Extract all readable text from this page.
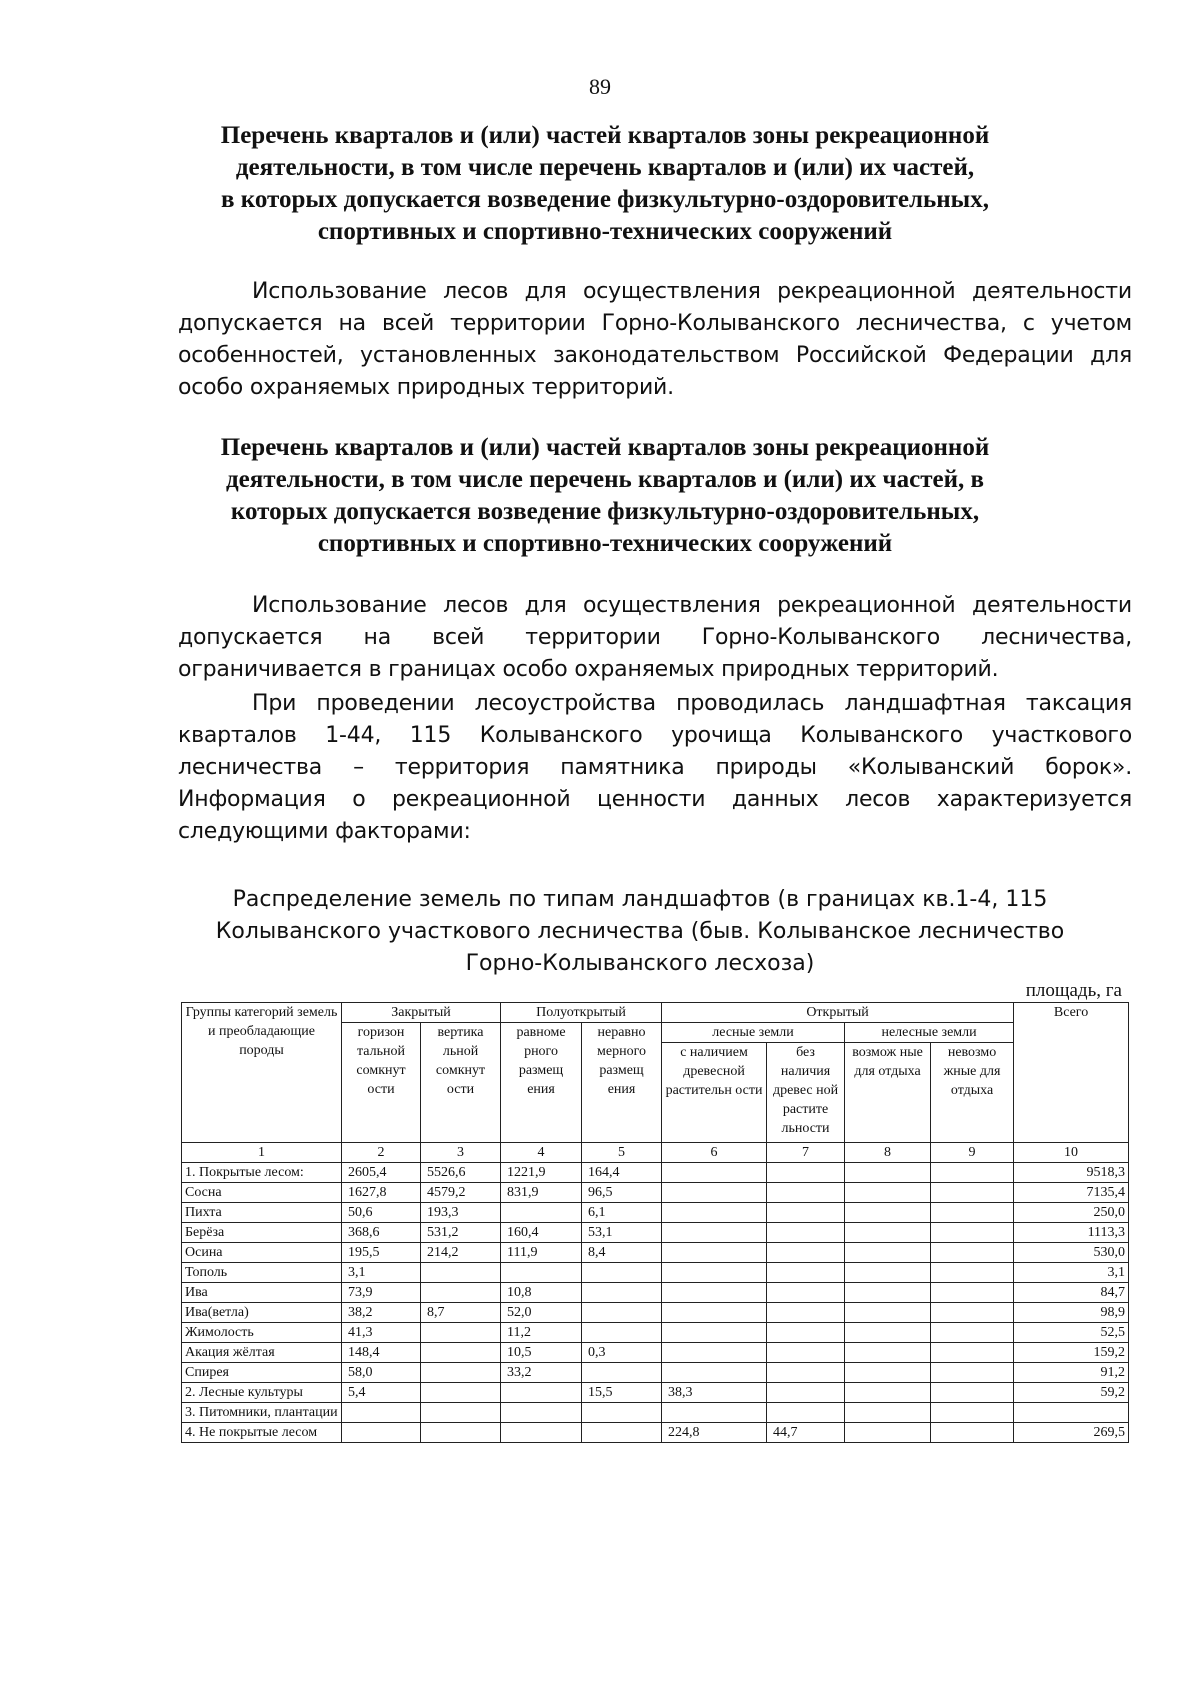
89
Перечень кварталов и (или) частей кварталов зоны рекреационной
деятельности, в том числе перечень кварталов и (или) их частей,
в которых допускается возведение физкультурно-оздоровительных,
спортивных и спортивно-технических сооружений
Использование лесов для осуществления рекреационной деятельности допускается на всей территории Горно-Колыванского лесничества, с учетом особенностей, установленных законодательством Российской Федерации для особо охраняемых природных территорий.
Перечень кварталов и (или) частей кварталов зоны рекреационной
деятельности, в том числе перечень кварталов и (или) их частей, в
которых допускается возведение физкультурно-оздоровительных,
спортивных и спортивно-технических сооружений
Использование лесов для осуществления рекреационной деятельности допускается на всей территории Горно-Колыванского лесничества, ограничивается в границах особо охраняемых природных территорий.
При проведении лесоустройства проводилась ландшафтная таксация кварталов 1-44, 115 Колыванского урочища Колыванского участкового лесничества – территория памятника природы «Колыванский борок». Информация о рекреационной ценности данных лесов характеризуется следующими факторами:
Распределение земель по типам ландшафтов (в границах кв.1-4, 115
Колыванского участкового лесничества (быв. Колыванское лесничество
Горно-Колыванского лесхоза)
площадь, га
Группы категорий земель и преобладающие породы	Закрытый		Полуоткрытый		Открытый				Всего
	горизон тальной сомкнут ости	вертика льной сомкнут ости	равноме рного размещ ения	неравно мерного размещ ения	лесные земли		нелесные земли		
					с наличием древесной растительн ости	без наличия древес ной растите льности	возмож ные для отдыха	невозмо жные для отдыха	
1	2	3	4	5	6	7	8	9	10
1. Покрытые лесом:	2605,4	5526,6	1221,9	164,4					9518,3
Сосна	1627,8	4579,2	831,9	96,5					7135,4
Пихта	50,6	193,3		6,1					250,0
Берёза	368,6	531,2	160,4	53,1					1113,3
Осина	195,5	214,2	111,9	8,4					530,0
Тополь	3,1								3,1
Ива	73,9		10,8						84,7
Ива(ветла)	38,2	8,7	52,0						98,9
Жимолость	41,3		11,2						52,5
Акация жёлтая	148,4		10,5	0,3					159,2
Спирея	58,0		33,2						91,2
2. Лесные культуры	5,4			15,5	38,3				59,2
3. Питомники, плантации									
4. Не покрытые лесом					224,8	44,7			269,5
